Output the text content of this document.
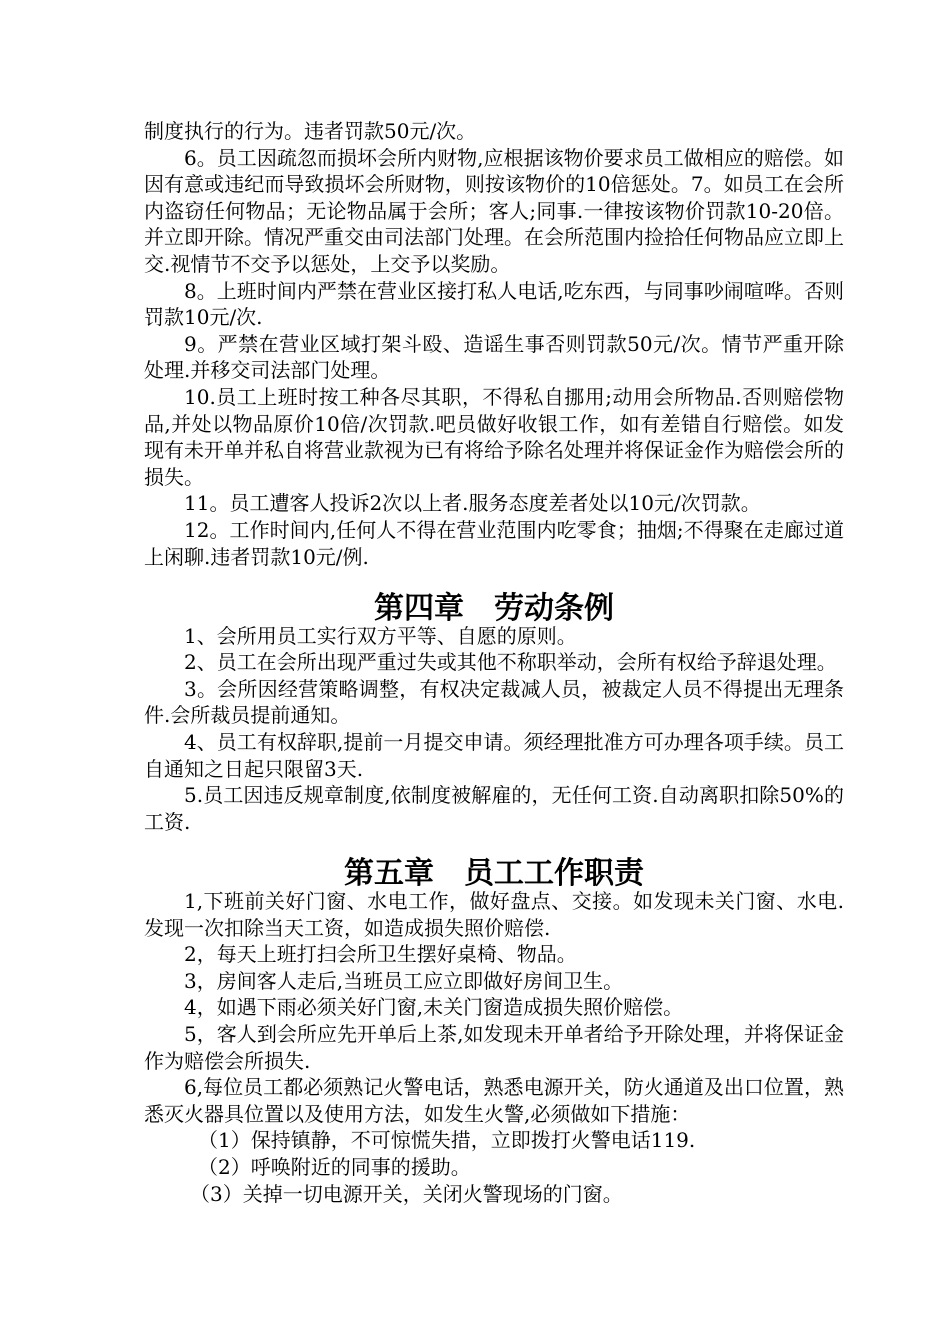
制度执行的行为。违者罚款50元/次。

6。员工因疏忽而损坏会所内财物,应根据该物价要求员工做相应的赔偿。如因有意或违纪而导致损坏会所财物，则按该物价的10倍惩处。7。如员工在会所内盗窃任何物品；无论物品属于会所；客人;同事.一律按该物价罚款10-20倍。并立即开除。情况严重交由司法部门处理。在会所范围内捡拾任何物品应立即上交.视情节不交予以惩处，上交予以奖励。

8。上班时间内严禁在营业区接打私人电话,吃东西，与同事吵闹喧哗。否则罚款10元/次.

9。严禁在营业区域打架斗殴、造谣生事否则罚款50元/次。情节严重开除处理.并移交司法部门处理。

10.员工上班时按工种各尽其职，不得私自挪用;动用会所物品.否则赔偿物品,并处以物品原价10倍/次罚款.吧员做好收银工作，如有差错自行赔偿。如发现有未开单并私自将营业款视为已有将给予除名处理并将保证金作为赔偿会所的损失。

11。员工遭客人投诉2次以上者.服务态度差者处以10元/次罚款。

12。工作时间内,任何人不得在营业范围内吃零食；抽烟;不得聚在走廊过道上闲聊.违者罚款10元/例.

第四章　劳动条例

1、会所用员工实行双方平等、自愿的原则。

2、员工在会所出现严重过失或其他不称职举动，会所有权给予辞退处理。

3。会所因经营策略调整，有权决定裁减人员，被裁定人员不得提出无理条件.会所裁员提前通知。

4、员工有权辞职,提前一月提交申请。须经理批准方可办理各项手续。员工自通知之日起只限留3天.

5.员工因违反规章制度,依制度被解雇的，无任何工资.自动离职扣除50%的工资.

第五章　员工工作职责

1,下班前关好门窗、水电工作，做好盘点、交接。如发现未关门窗、水电.发现一次扣除当天工资，如造成损失照价赔偿.

2，每天上班打扫会所卫生摆好桌椅、物品。

3，房间客人走后,当班员工应立即做好房间卫生。

4，如遇下雨必须关好门窗,未关门窗造成损失照价赔偿。

5，客人到会所应先开单后上茶,如发现未开单者给予开除处理，并将保证金作为赔偿会所损失.

6,每位员工都必须熟记火警电话，熟悉电源开关，防火通道及出口位置，熟悉灭火器具位置以及使用方法，如发生火警,必须做如下措施：

（1）保持镇静，不可惊慌失措，立即拨打火警电话119.

（2）呼唤附近的同事的援助。

（3）关掉一切电源开关，关闭火警现场的门窗。
